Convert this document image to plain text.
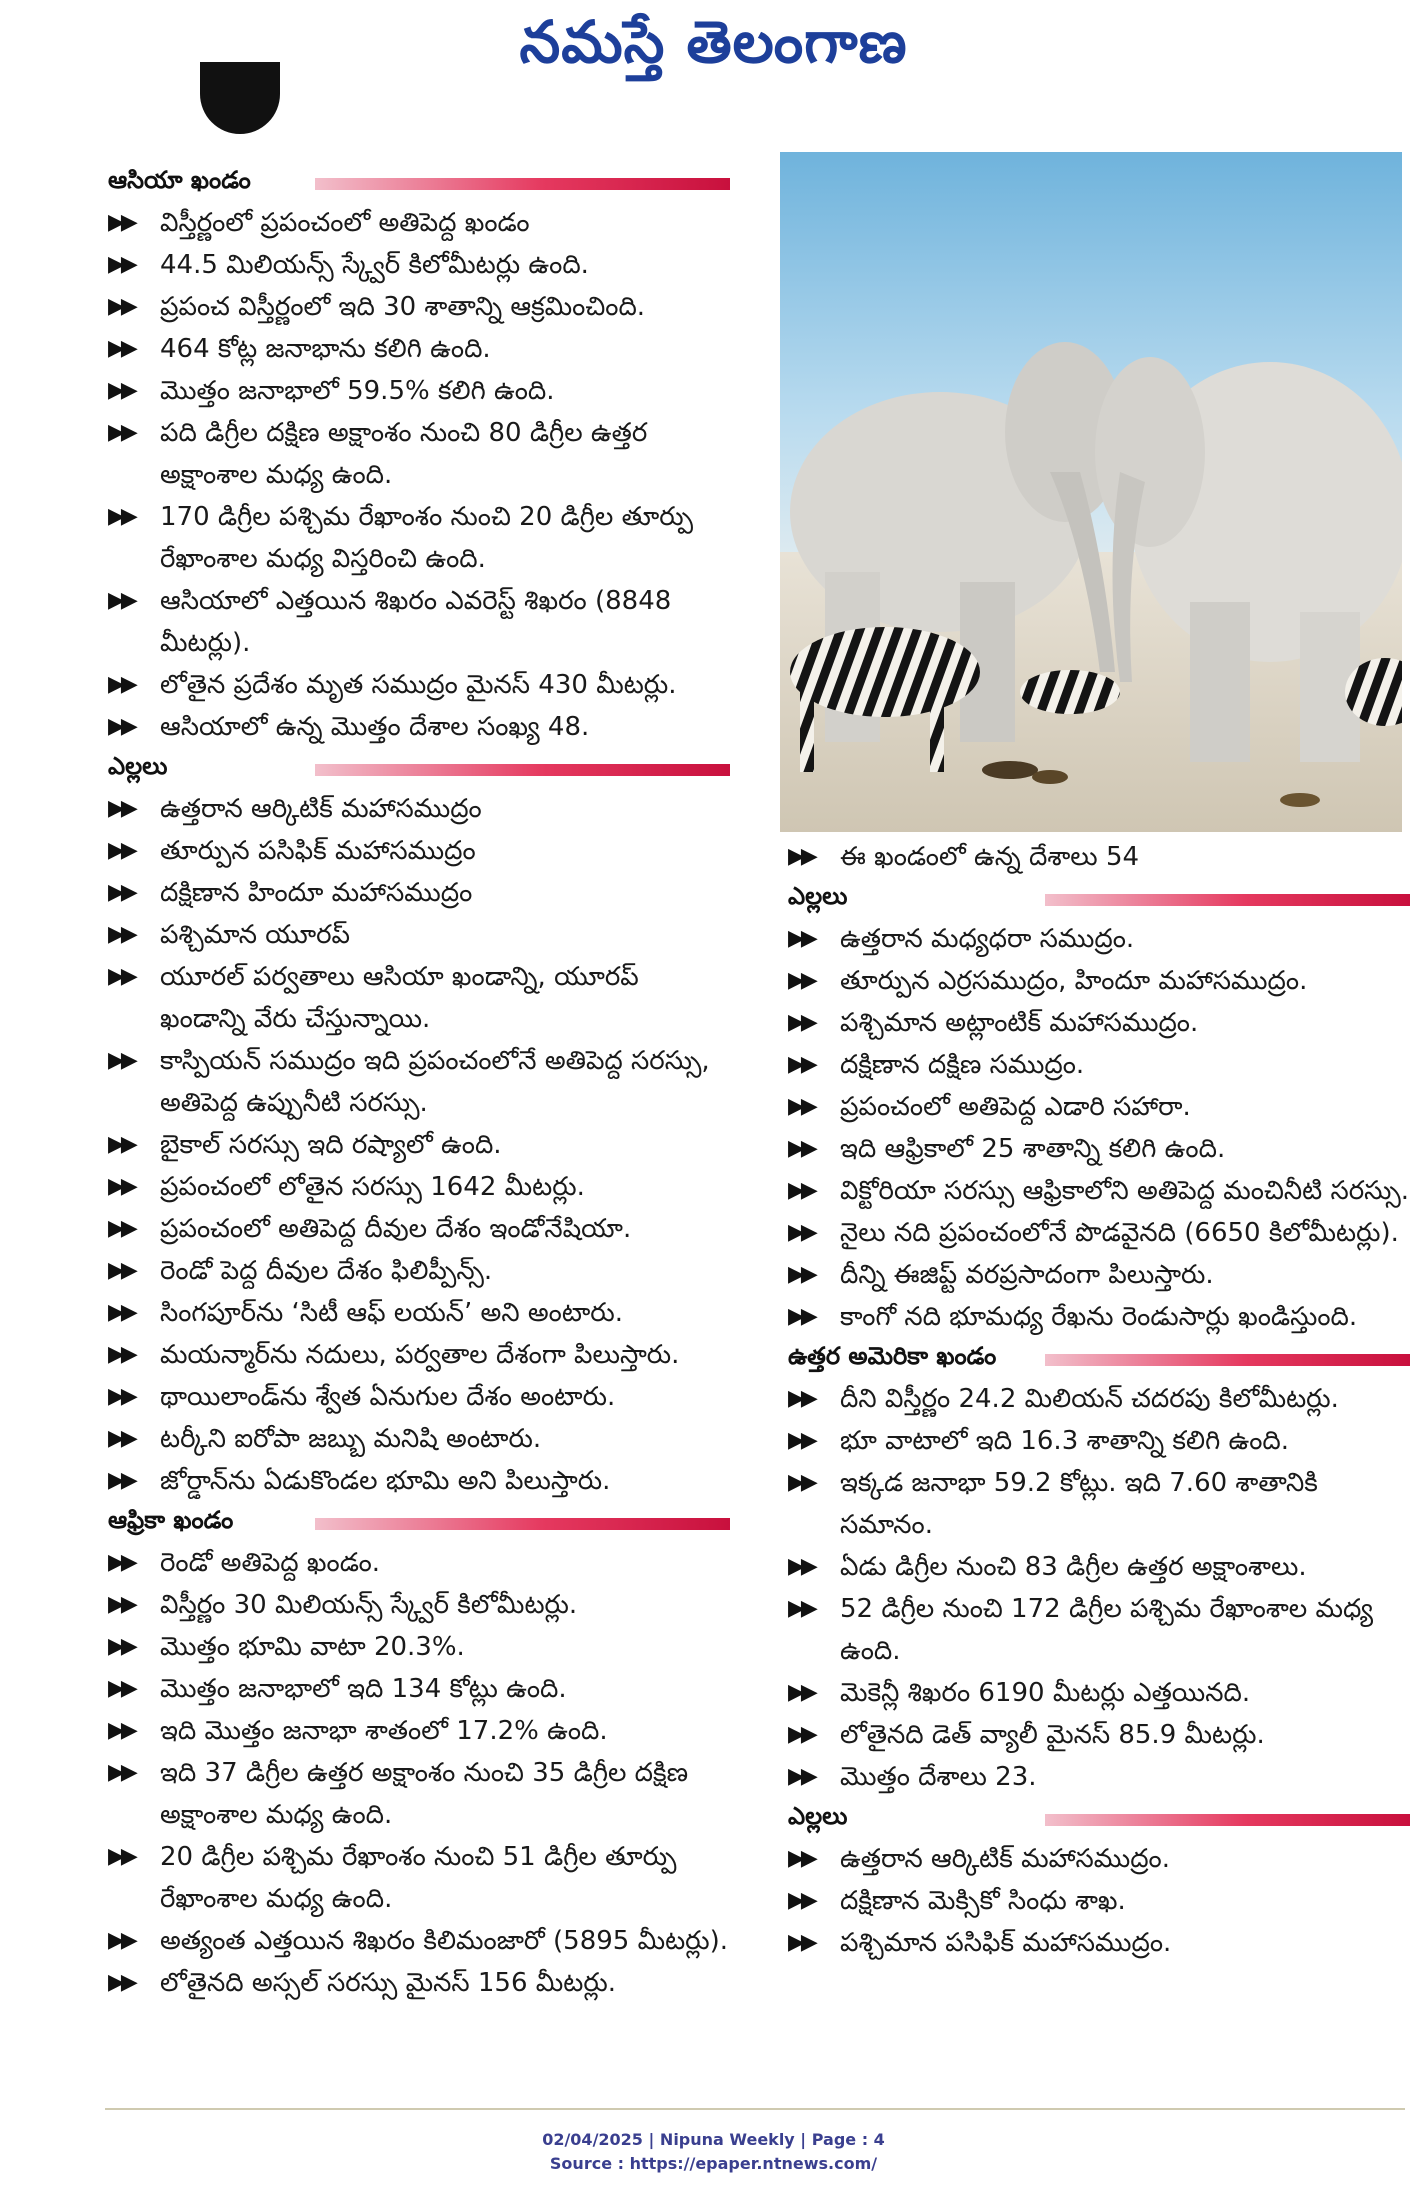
నమస్తే తెలంగాణ
ఆసియా ఖండం
▶▶ విస్తీర్ణంలో ప్రపంచంలో అతిపెద్ద ఖండం
▶▶ 44.5 మిలియన్స్ స్క్వేర్ కిలోమీటర్లు ఉంది.
▶▶ ప్రపంచ విస్తీర్ణంలో ఇది 30 శాతాన్ని ఆక్రమించింది.
▶▶ 464 కోట్ల జనాభాను కలిగి ఉంది.
▶▶ మొత్తం జనాభాలో 59.5% కలిగి ఉంది.
▶▶ పది డిగ్రీల దక్షిణ అక్షాంశం నుంచి 80 డిగ్రీల ఉత్తర అక్షాంశాల మధ్య ఉంది.
▶▶ 170 డిగ్రీల పశ్చిమ రేఖాంశం నుంచి 20 డిగ్రీల తూర్పు రేఖాంశాల మధ్య విస్తరించి ఉంది.
▶▶ ఆసియాలో ఎత్తయిన శిఖరం ఎవరెస్ట్ శిఖరం (8848 మీటర్లు).
▶▶ లోతైన ప్రదేశం మృత సముద్రం మైనస్ 430 మీటర్లు.
▶▶ ఆసియాలో ఉన్న మొత్తం దేశాల సంఖ్య 48.
ఎల్లలు
▶▶ ఉత్తరాన ఆర్కిటిక్ మహాసముద్రం
▶▶ తూర్పున పసిఫిక్ మహాసముద్రం
▶▶ దక్షిణాన హిందూ మహాసముద్రం
▶▶ పశ్చిమాన యూరప్
▶▶ యూరల్ పర్వతాలు ఆసియా ఖండాన్ని, యూరప్ ఖండాన్ని వేరు చేస్తున్నాయి.
▶▶ కాస్పియన్ సముద్రం ఇది ప్రపంచంలోనే అతిపెద్ద సరస్సు, అతిపెద్ద ఉప్పునీటి సరస్సు.
▶▶ బైకాల్ సరస్సు ఇది రష్యాలో ఉంది.
▶▶ ప్రపంచంలో లోతైన సరస్సు 1642 మీటర్లు.
▶▶ ప్రపంచంలో అతిపెద్ద దీవుల దేశం ఇండోనేషియా.
▶▶ రెండో పెద్ద దీవుల దేశం ఫిలిప్పీన్స్.
▶▶ సింగపూర్‌ను ‘సిటీ ఆఫ్ లయన్’ అని అంటారు.
▶▶ మయన్మార్‌ను నదులు, పర్వతాల దేశంగా పిలుస్తారు.
▶▶ థాయిలాండ్‌ను శ్వేత ఏనుగుల దేశం అంటారు.
▶▶ టర్కీని ఐరోపా జబ్బు మనిషి అంటారు.
▶▶ జోర్డాన్‌ను ఏడుకొండల భూమి అని పిలుస్తారు.
ఆఫ్రికా ఖండం
▶▶ రెండో అతిపెద్ద ఖండం.
▶▶ విస్తీర్ణం 30 మిలియన్స్ స్క్వేర్ కిలోమీటర్లు.
▶▶ మొత్తం భూమి వాటా 20.3%.
▶▶ మొత్తం జనాభాలో ఇది 134 కోట్లు ఉంది.
▶▶ ఇది మొత్తం జనాభా శాతంలో 17.2% ఉంది.
▶▶ ఇది 37 డిగ్రీల ఉత్తర అక్షాంశం నుంచి 35 డిగ్రీల దక్షిణ అక్షాంశాల మధ్య ఉంది.
▶▶ 20 డిగ్రీల పశ్చిమ రేఖాంశం నుంచి 51 డిగ్రీల తూర్పు రేఖాంశాల మధ్య ఉంది.
▶▶ అత్యంత ఎత్తయిన శిఖరం కిలిమంజారో (5895 మీటర్లు).
▶▶ లోతైనది అస్సల్ సరస్సు మైనస్ 156 మీటర్లు.
▶▶ ఈ ఖండంలో ఉన్న దేశాలు 54
ఎల్లలు
▶▶ ఉత్తరాన మధ్యధరా సముద్రం.
▶▶ తూర్పున ఎర్రసముద్రం, హిందూ మహాసముద్రం.
▶▶ పశ్చిమాన అట్లాంటిక్ మహాసముద్రం.
▶▶ దక్షిణాన దక్షిణ సముద్రం.
▶▶ ప్రపంచంలో అతిపెద్ద ఎడారి సహారా.
▶▶ ఇది ఆఫ్రికాలో 25 శాతాన్ని కలిగి ఉంది.
▶▶ విక్టోరియా సరస్సు ఆఫ్రికాలోని అతిపెద్ద మంచినీటి సరస్సు.
▶▶ నైలు నది ప్రపంచంలోనే పొడవైనది (6650 కిలోమీటర్లు).
▶▶ దీన్ని ఈజిప్ట్ వరప్రసాదంగా పిలుస్తారు.
▶▶ కాంగో నది భూమధ్య రేఖను రెండుసార్లు ఖండిస్తుంది.
ఉత్తర అమెరికా ఖండం
▶▶ దీని విస్తీర్ణం 24.2 మిలియన్ చదరపు కిలోమీటర్లు.
▶▶ భూ వాటాలో ఇది 16.3 శాతాన్ని కలిగి ఉంది.
▶▶ ఇక్కడ జనాభా 59.2 కోట్లు. ఇది 7.60 శాతానికి సమానం.
▶▶ ఏడు డిగ్రీల నుంచి 83 డిగ్రీల ఉత్తర అక్షాంశాలు.
▶▶ 52 డిగ్రీల నుంచి 172 డిగ్రీల పశ్చిమ రేఖాంశాల మధ్య ఉంది.
▶▶ మెకెన్లీ శిఖరం 6190 మీటర్లు ఎత్తయినది.
▶▶ లోతైనది డెత్ వ్యాలీ మైనస్ 85.9 మీటర్లు.
▶▶ మొత్తం దేశాలు 23.
ఎల్లలు
▶▶ ఉత్తరాన ఆర్కిటిక్ మహాసముద్రం.
▶▶ దక్షిణాన మెక్సికో సింధు శాఖ.
▶▶ పశ్చిమాన పసిఫిక్ మహాసముద్రం.
02/04/2025 | Nipuna Weekly | Page : 4
Source : https://epaper.ntnews.com/
